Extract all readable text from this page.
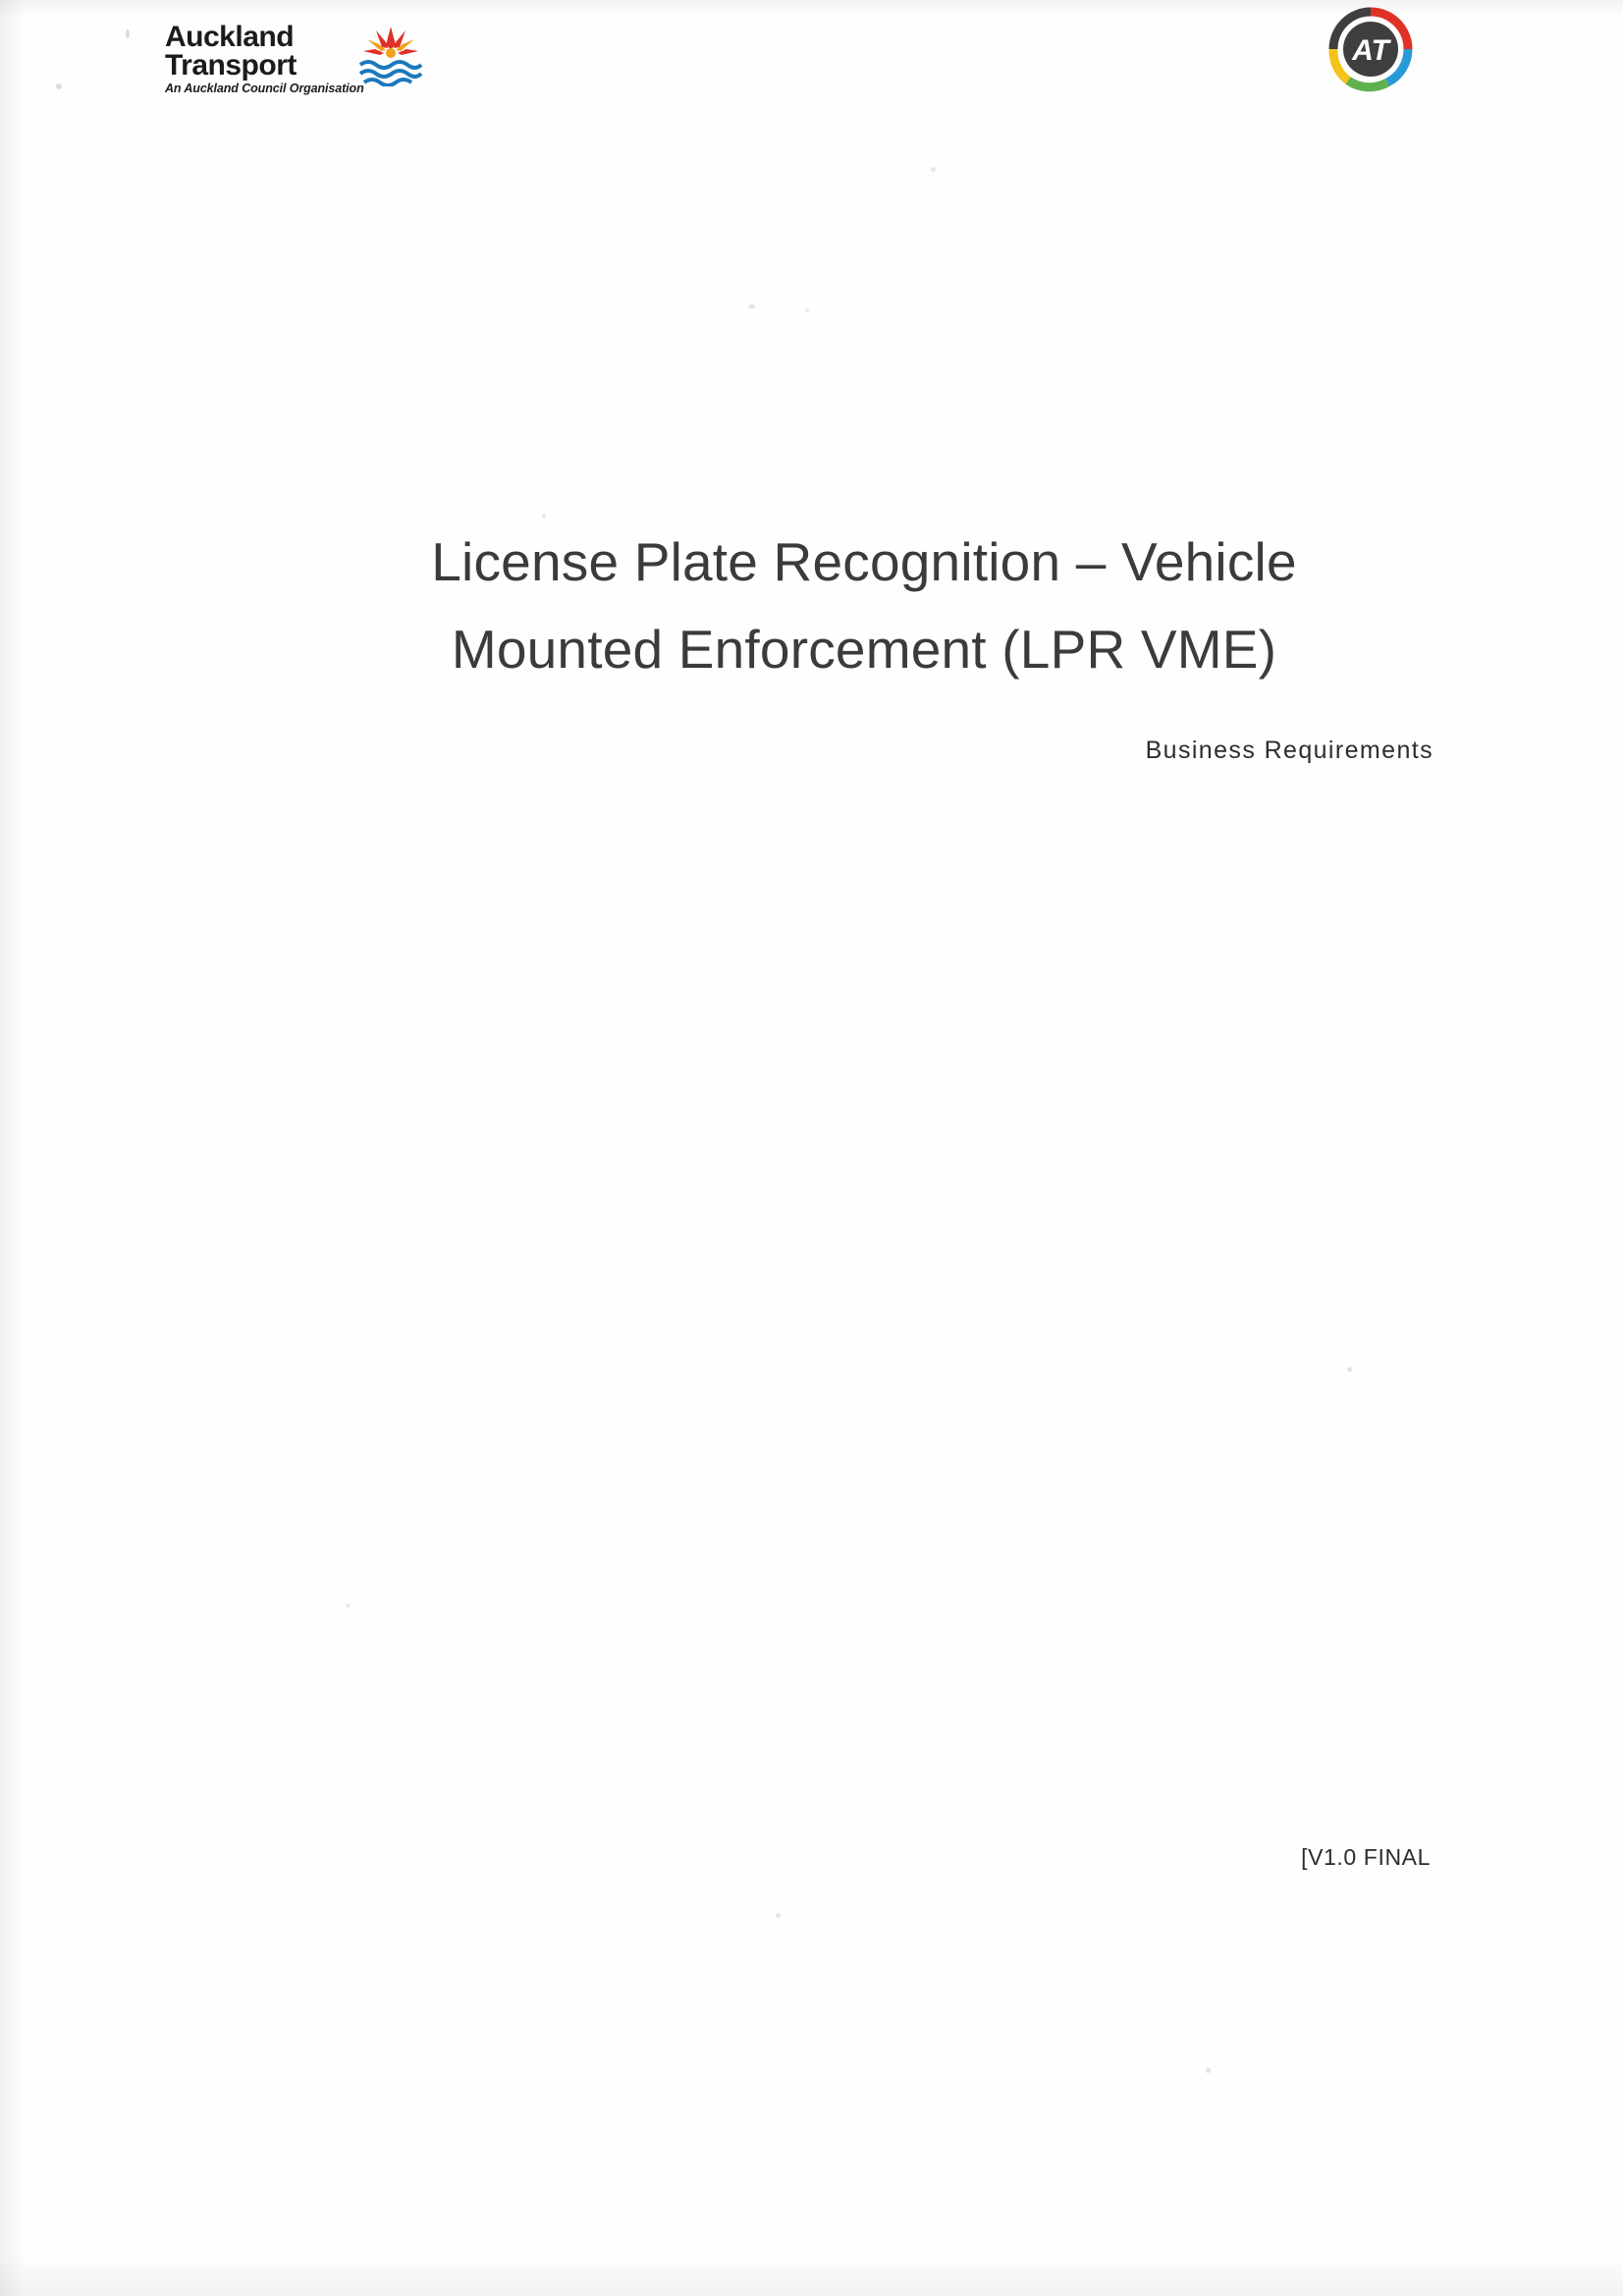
Auckland
Transport
An Auckland Council Organisation
AT
License Plate Recognition – Vehicle
Mounted Enforcement (LPR VME)
Business Requirements
[V1.0 FINAL
